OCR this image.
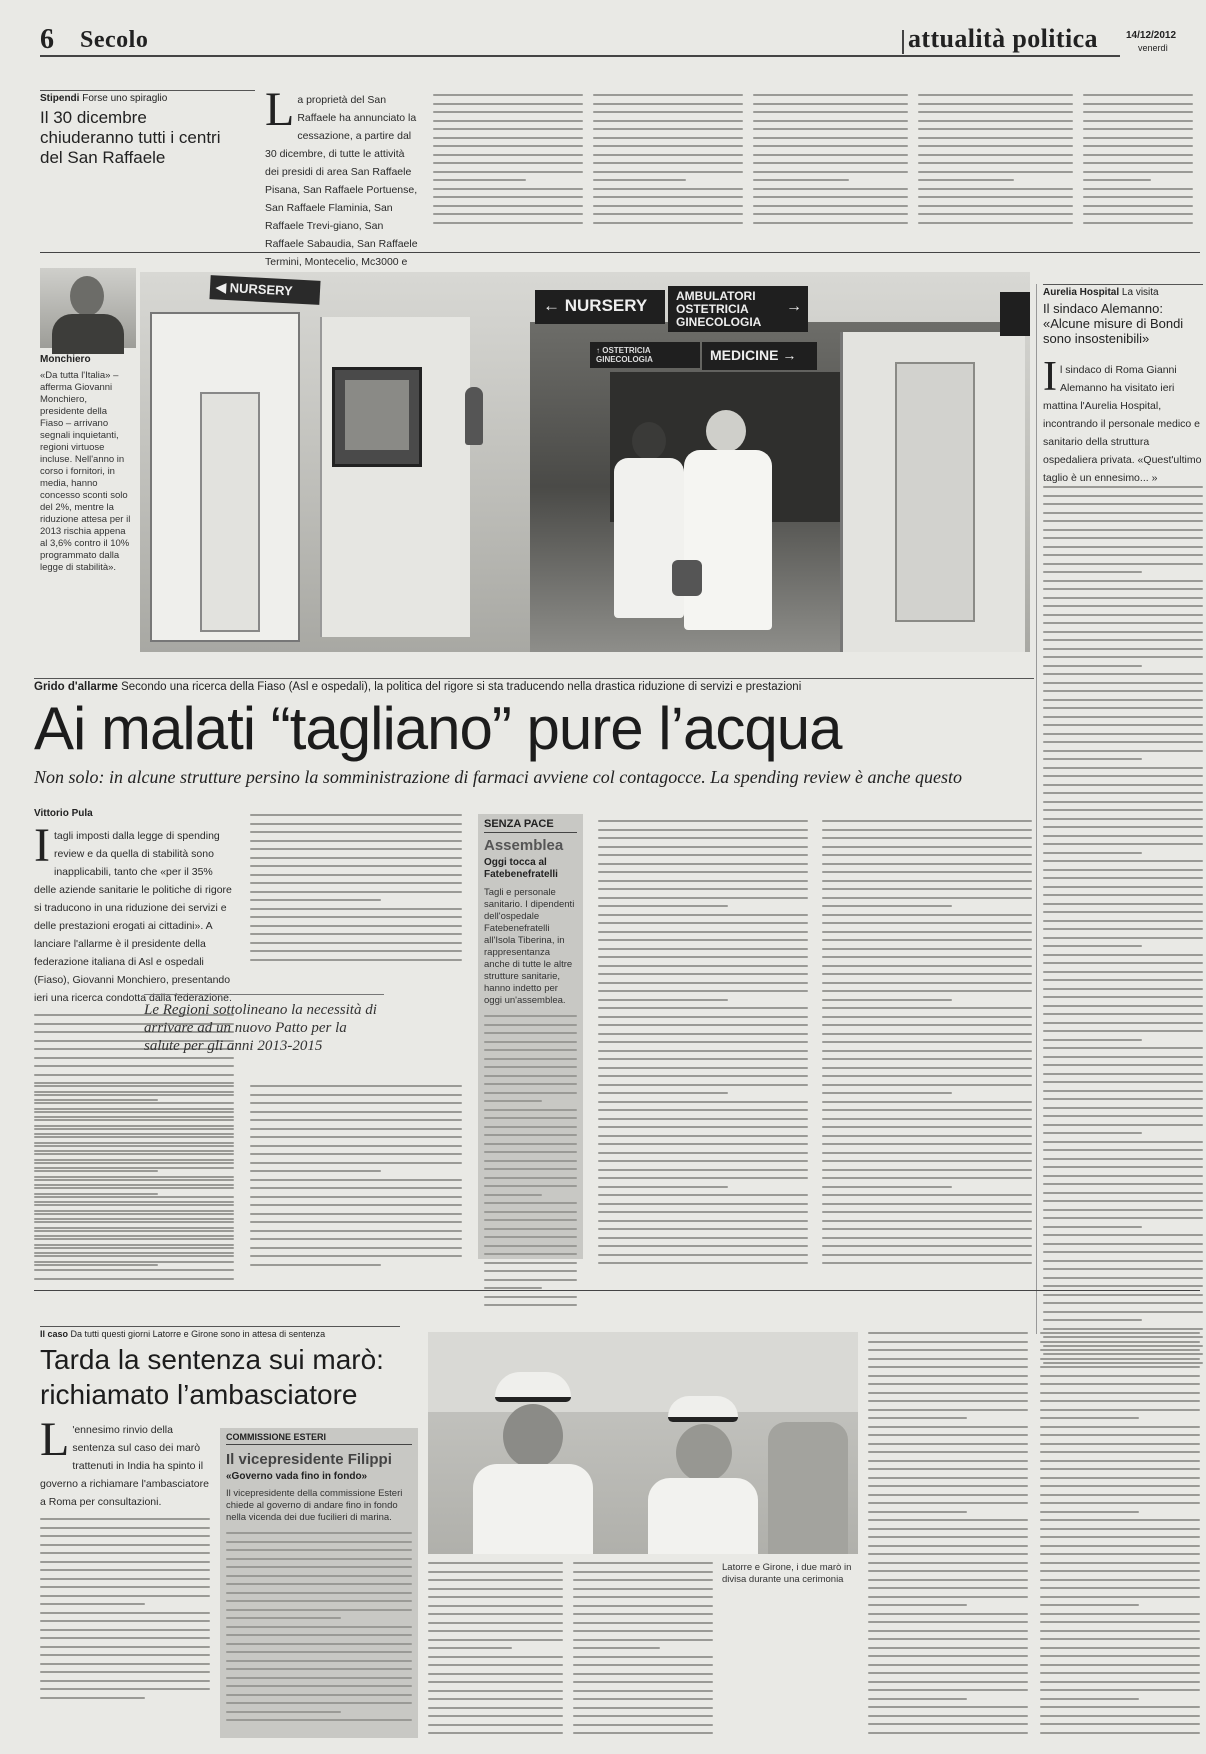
6 Secolo	attualità politica	14/12/2012
venerdì
Stipendi Forse uno spiraglio
Il 30 dicembre chiuderanno tutti i centri del San Raffaele
L a proprietà del San Raffaele ha annunciato la cessazione, a partire dal 30 dicembre, di tutte le attività dei presidi di area San Raffaele Pisana, San Raffaele Portuense, San Raffaele Flaminia, San Raffaele Trevi-giano, San Raffaele Sabaudia, San Raffaele Termini, Montecelio, Mc3000 e
◀ NURSERY
← NURSERY	AMBULATORI OSTETRICIA GINECOLOGIA
→
↑ OSTETRICIA GINECOLOGIA	MEDICINE →
Monchiero
«Da tutta l'Italia» – afferma Giovanni Monchiero, presidente della Fiaso – arrivano segnali inquietanti, regioni virtuose incluse. Nell'anno in corso i fornitori, in media, hanno concesso sconti solo del 2%, mentre la riduzione attesa per il 2013 rischia appena al 3,6% contro il 10% programmato dalla legge di stabilità».
Aurelia Hospital La visita
Il sindaco Alemanno: «Alcune misure di Bondi sono insostenibili»
I l sindaco di Roma Gianni Alemanno ha visitato ieri mattina l'Aurelia Hospital, incontrando il personale medico e sanitario della struttura ospedaliera privata. «Quest'ultimo taglio è un ennesimo... »
Grido d'allarme Secondo una ricerca della Fiaso (Asl e ospedali), la politica del rigore si sta traducendo nella drastica riduzione di servizi e prestazioni
Ai malati “tagliano” pure l’acqua
Non solo: in alcune strutture persino la somministrazione di farmaci avviene col contagocce. La spending review è anche questo
Vittorio Pula
I tagli imposti dalla legge di spending review e da quella di stabilità sono inapplicabili, tanto che «per il 35% delle aziende sanitarie le politiche di rigore si traducono in una riduzione dei servizi e delle prestazioni erogati ai cittadini». A lanciare l'allarme è il presidente della federazione italiana di Asl e ospedali (Fiaso), Giovanni Monchiero, presentando ieri una ricerca condotta dalla federazione.
Le Regioni sottolineano la necessità di arrivare ad un nuovo Patto per la salute per gli anni 2013-2015
SENZA PACE
Assemblea
Oggi tocca al Fatebenefratelli
Tagli e personale sanitario. I dipendenti dell'ospedale Fatebenefratelli all'Isola Tiberina, in rappresentanza anche di tutte le altre strutture sanitarie, hanno indetto per oggi un'assemblea.
Il caso Da tutti questi giorni Latorre e Girone sono in attesa di sentenza
Tarda la sentenza sui marò: richiamato l’ambasciatore
L 'ennesimo rinvio della sentenza sul caso dei marò trattenuti in India ha spinto il governo a richiamare l'ambasciatore a Roma per consultazioni.
COMMISSIONE ESTERI
Il vicepresidente Filippi
«Governo vada fino in fondo»
Il vicepresidente della commissione Esteri chiede al governo di andare fino in fondo nella vicenda dei due fucilieri di marina.
Latorre e Girone, i due marò in divisa durante una cerimonia
